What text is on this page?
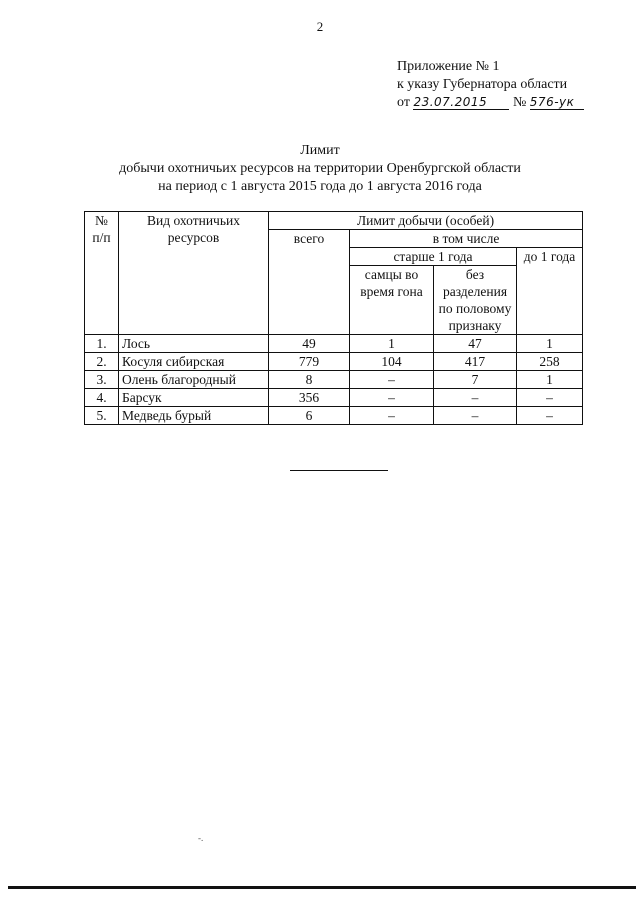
2
Приложение № 1
к указу Губернатора области
от 23.07.2015 № 576-ук
Лимит
добычи охотничьих ресурсов на территории Оренбургской области
на период с 1 августа 2015 года до 1 августа 2016 года
№ п/п	Вид охотничьих ресурсов	Лимит добычи (особей)			
		всего	в том числе		
			старше 1 года		до 1 года
			самцы во время гона	без разделения по половому признаку	
1.	Лось	49	1	47	1
2.	Косуля сибирская	779	104	417	258
3.	Олень благородный	8	–	7	1
4.	Барсук	356	–	–	–
5.	Медведь бурый	6	–	–	–
-.
